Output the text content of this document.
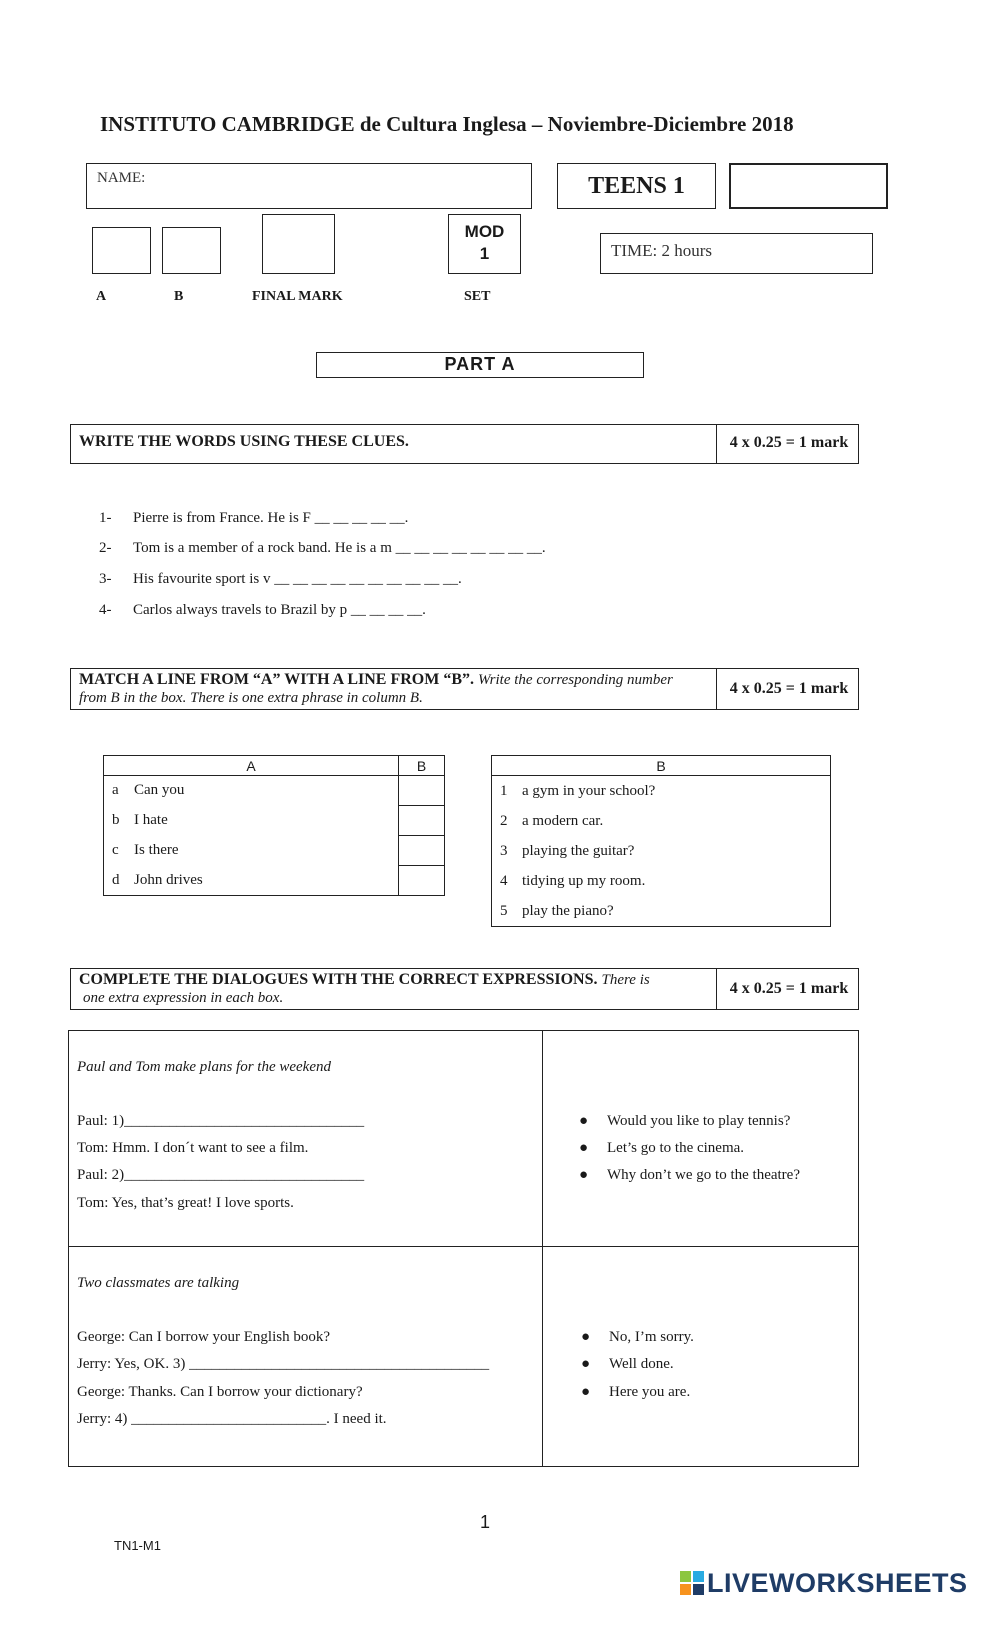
INSTITUTO CAMBRIDGE de Cultura Inglesa – Noviembre-Diciembre 2018
NAME:	TEENS 1
MOD
1	TIME: 2 hours
A	B	FINAL MARK	SET
PART A
WRITE THE WORDS USING THESE CLUES.	4 x 0.25 = 1 mark
1- Pierre is from France. He is F __ __ __ __ __.
2- Tom is a member of a rock band. He is a m __ __ __ __ __ __ __ __.
3- His favourite sport is v __ __ __ __ __ __ __ __ __ __.
4- Carlos always travels to Brazil by p __ __ __ __.
MATCH A LINE FROM “A” WITH A LINE FROM “B”. Write the corresponding number
from B in the box. There is one extra phrase in column B.
4 x 0.25 = 1 mark
A	B

a Can you	

b I hate	

c Is there	

d John drives	

B

1 a gym in your school?
2 a modern car.
3 playing the guitar?
4 tidying up my room.
5 play the piano?
COMPLETE THE DIALOGUES WITH THE CORRECT EXPRESSIONS. There is
one extra expression in each box.
4 x 0.25 = 1 mark

Paul and Tom make plans for the weekend

Paul: 1)________________________________

Tom: Hmm. I don´t want to see a film.

Paul: 2)________________________________

Tom: Yes, that’s great! I love sports.

● Would you like to play tennis?
● Let’s go to the cinema.
● Why don’t we go to the theatre?

Two classmates are talking

George: Can I borrow your English book?

Jerry: Yes, OK. 3) ________________________________________

George: Thanks. Can I borrow your dictionary?

Jerry: 4) __________________________. I need it.

● No, I’m sorry.
● Well done.
● Here you are.
1
TN1-M1
LIVEWORKSHEETS
